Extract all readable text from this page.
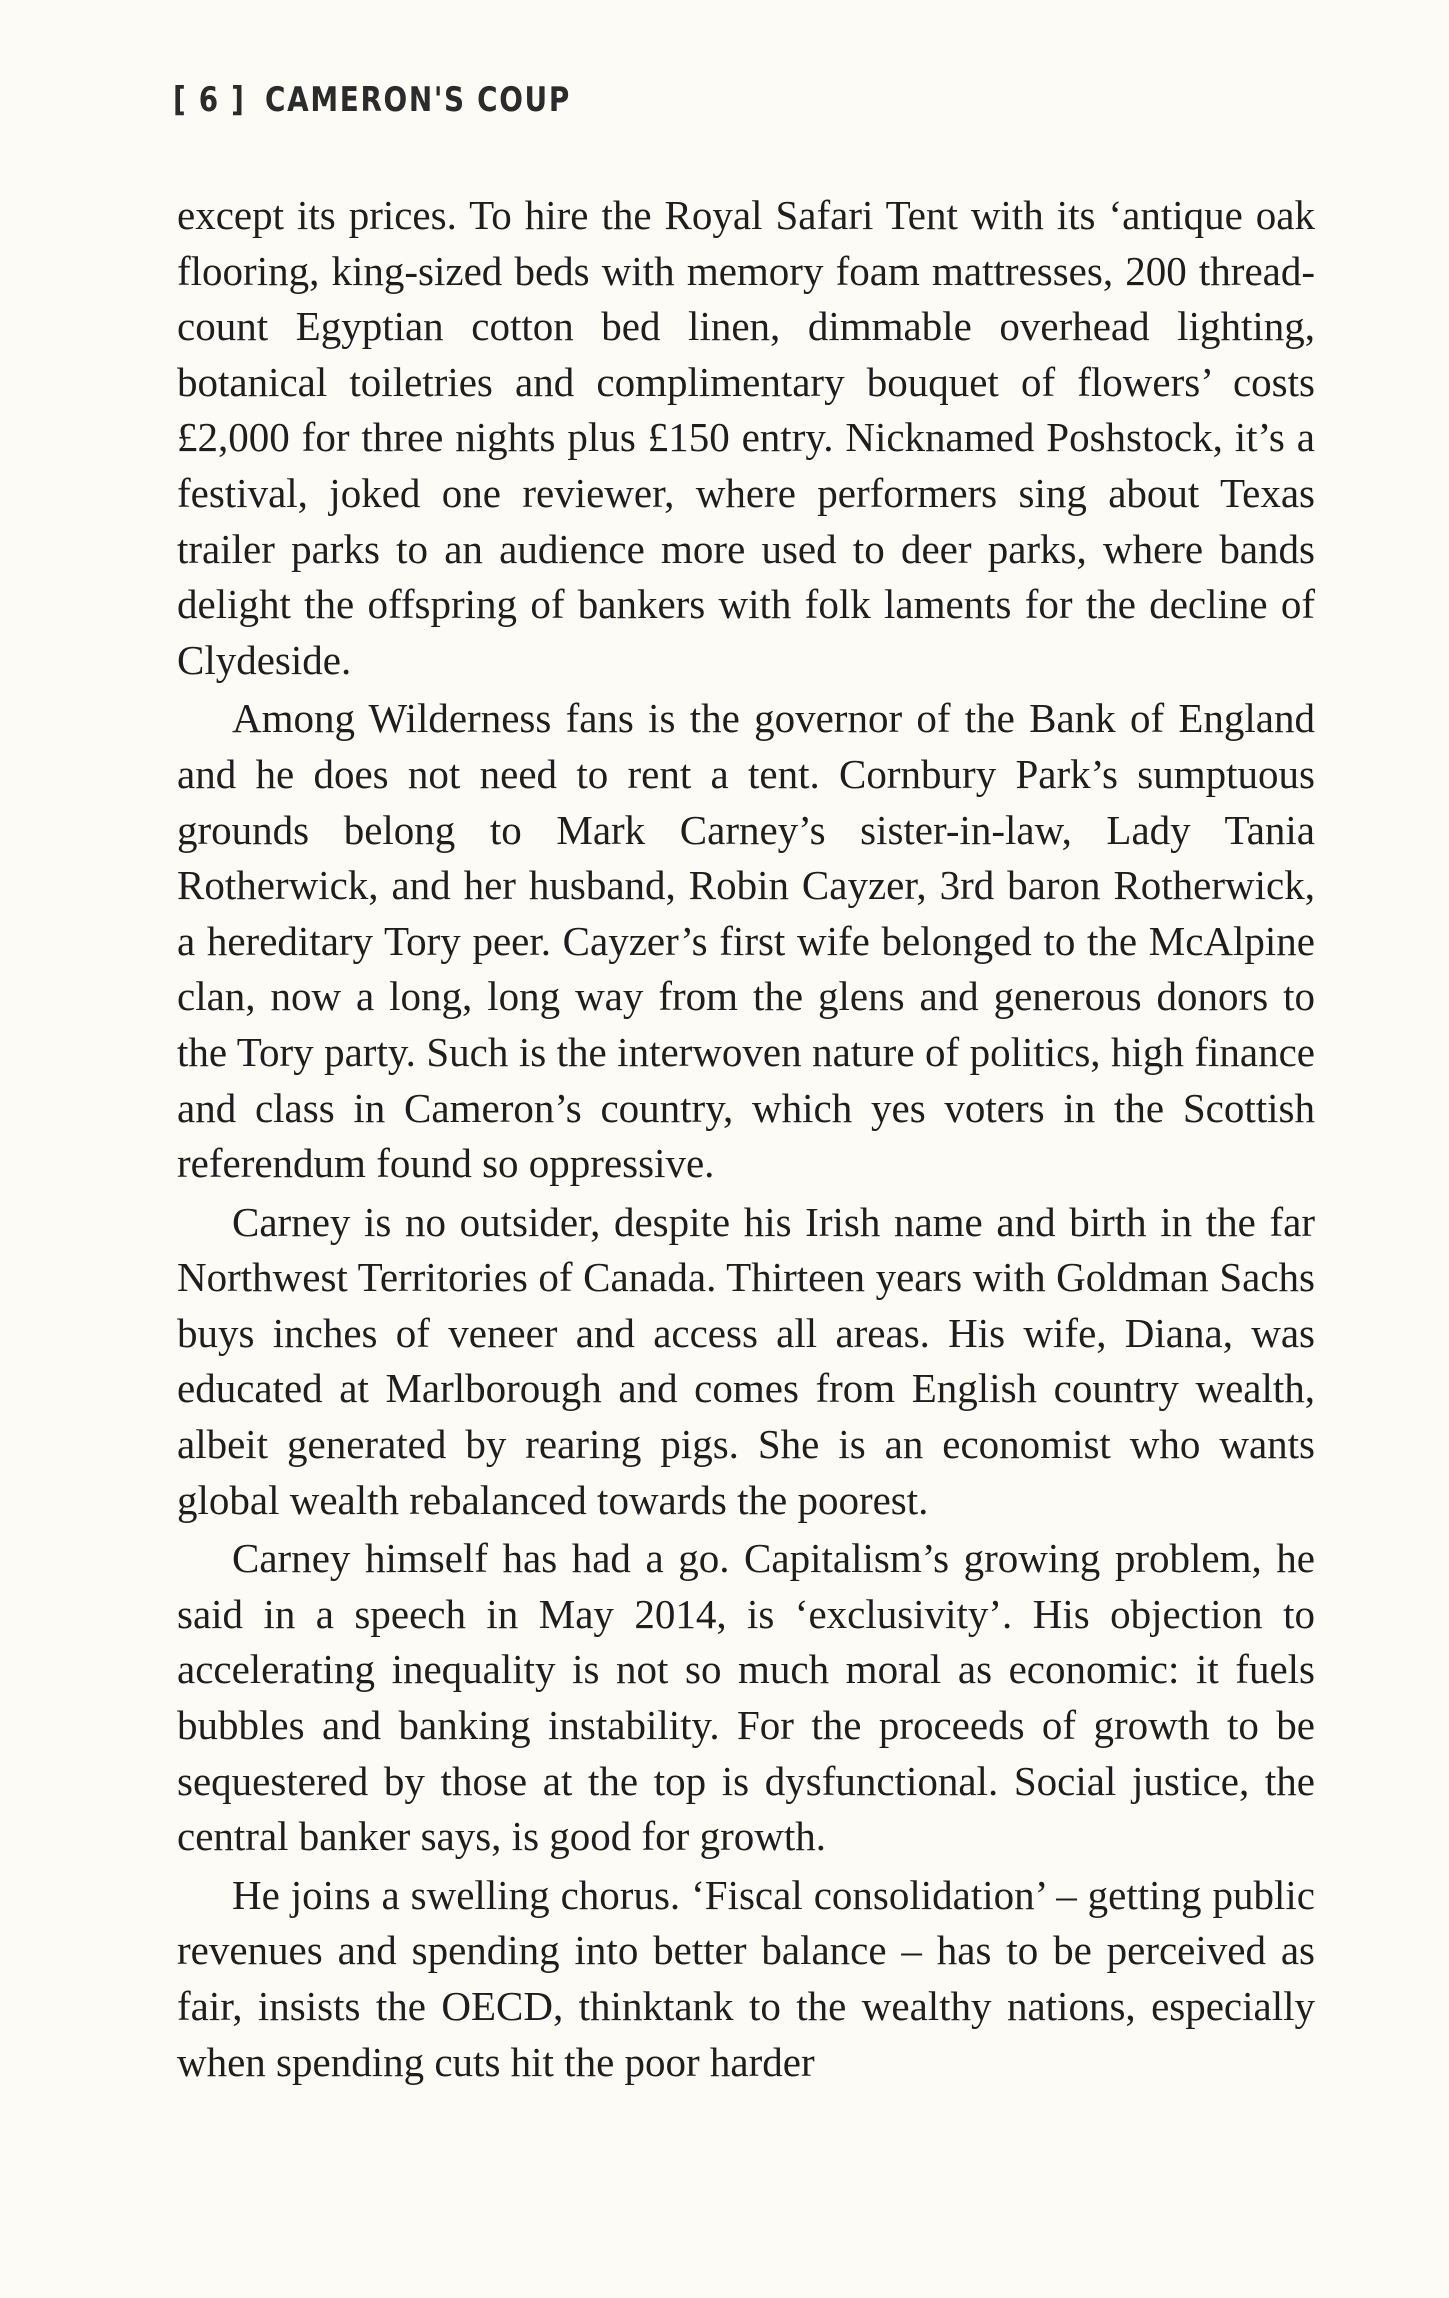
[ 6 ] CAMERON'S COUP

except its prices. To hire the Royal Safari Tent with its ‘antique oak flooring, king-sized beds with memory foam mattresses, 200 thread-count Egyptian cotton bed linen, dimmable overhead lighting, botanical toiletries and complimentary bouquet of flowers’ costs £2,000 for three nights plus £150 entry. Nicknamed Poshstock, it’s a festival, joked one reviewer, where performers sing about Texas trailer parks to an audience more used to deer parks, where bands delight the offspring of bankers with folk laments for the decline of Clydeside.

Among Wilderness fans is the governor of the Bank of England and he does not need to rent a tent. Cornbury Park’s sumptuous grounds belong to Mark Carney’s sister-in-law, Lady Tania Rotherwick, and her husband, Robin Cayzer, 3rd baron Rotherwick, a hereditary Tory peer. Cayzer’s first wife belonged to the McAlpine clan, now a long, long way from the glens and generous donors to the Tory party. Such is the interwoven nature of politics, high finance and class in Cameron’s country, which yes voters in the Scottish referendum found so oppressive.

Carney is no outsider, despite his Irish name and birth in the far Northwest Territories of Canada. Thirteen years with Goldman Sachs buys inches of veneer and access all areas. His wife, Diana, was educated at Marlborough and comes from English country wealth, albeit generated by rearing pigs. She is an economist who wants global wealth rebalanced towards the poorest.

Carney himself has had a go. Capitalism’s growing problem, he said in a speech in May 2014, is ‘exclusivity’. His objection to accelerating inequality is not so much moral as economic: it fuels bubbles and banking instability. For the proceeds of growth to be sequestered by those at the top is dysfunctional. Social justice, the central banker says, is good for growth.

He joins a swelling chorus. ‘Fiscal consolidation’ – getting public revenues and spending into better balance – has to be perceived as fair, insists the OECD, thinktank to the wealthy nations, especially when spending cuts hit the poor harder
